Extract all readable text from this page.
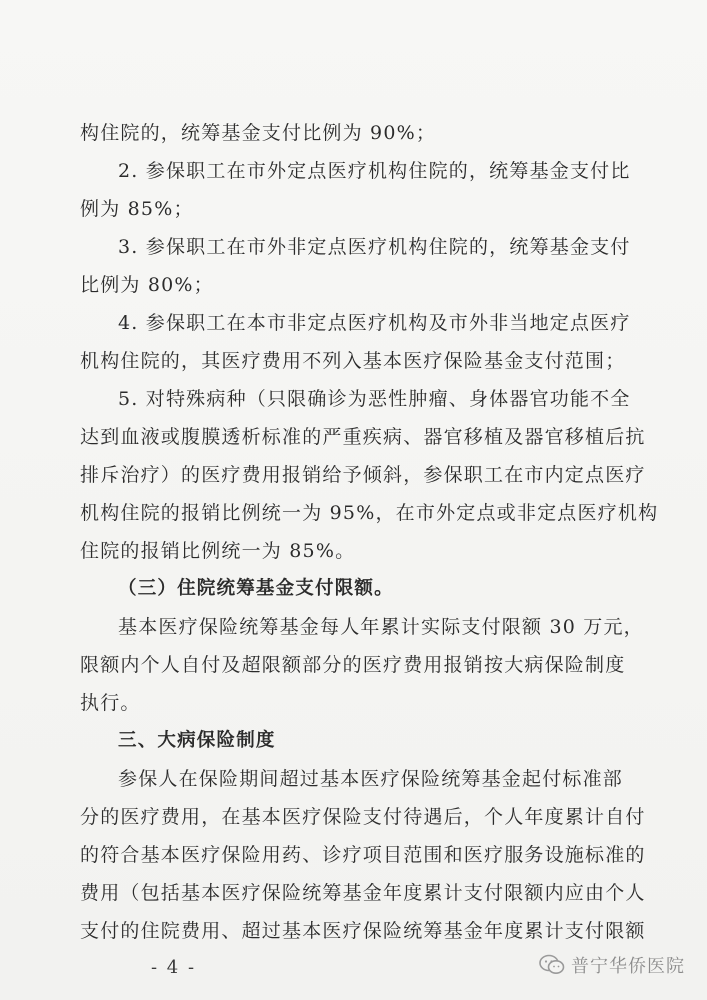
构住院的，统筹基金支付比例为 90%；
2. 参保职工在市外定点医疗机构住院的，统筹基金支付比
例为 85%；
3. 参保职工在市外非定点医疗机构住院的，统筹基金支付
比例为 80%；
4. 参保职工在本市非定点医疗机构及市外非当地定点医疗
机构住院的，其医疗费用不列入基本医疗保险基金支付范围；
5. 对特殊病种（只限确诊为恶性肿瘤、身体器官功能不全
达到血液或腹膜透析标准的严重疾病、器官移植及器官移植后抗
排斥治疗）的医疗费用报销给予倾斜，参保职工在市内定点医疗
机构住院的报销比例统一为 95%，在市外定点或非定点医疗机构
住院的报销比例统一为 85%。
（三）住院统筹基金支付限额。
基本医疗保险统筹基金每人年累计实际支付限额 30 万元，
限额内个人自付及超限额部分的医疗费用报销按大病保险制度
执行。
三、大病保险制度
参保人在保险期间超过基本医疗保险统筹基金起付标准部
分的医疗费用，在基本医疗保险支付待遇后，个人年度累计自付
的符合基本医疗保险用药、诊疗项目范围和医疗服务设施标准的
费用（包括基本医疗保险统筹基金年度累计支付限额内应由个人
支付的住院费用、超过基本医疗保险统筹基金年度累计支付限额
- 4 -	普宁华侨医院
